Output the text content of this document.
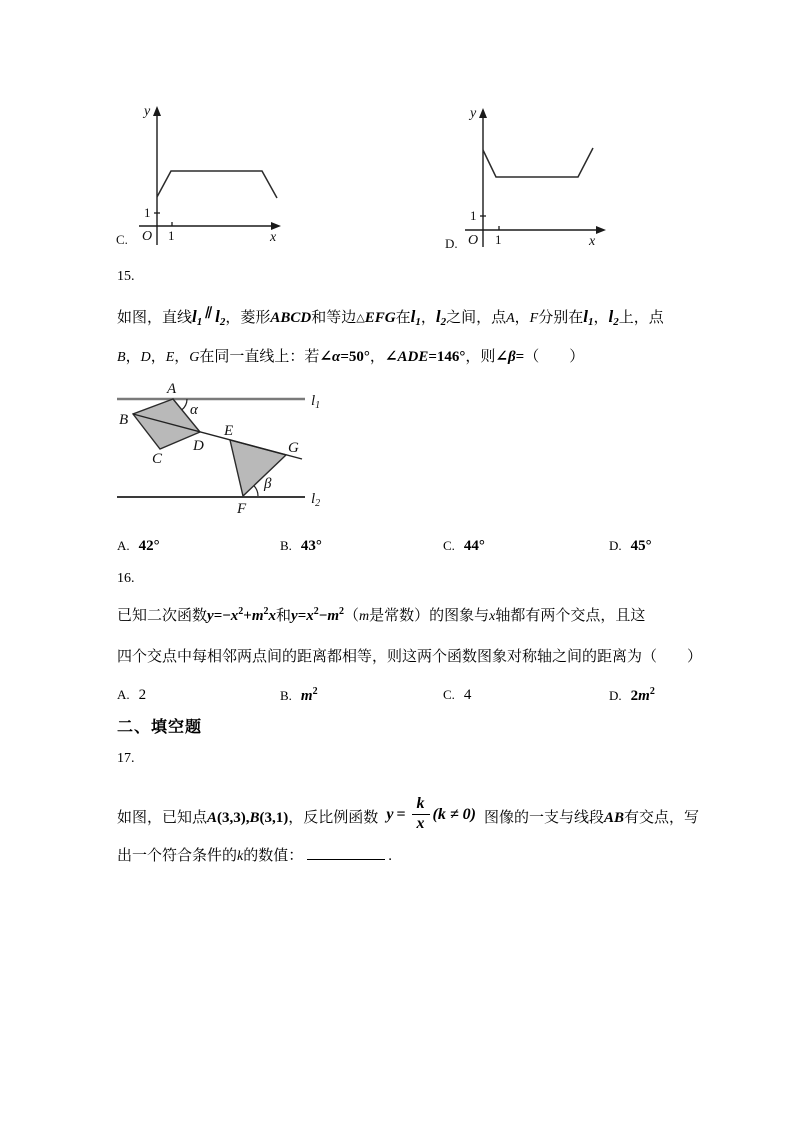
1
1
O	x
y
C.
1
1
O	x
y
D.
15.
如图，直线$l_1\parallel l_2$，菱形ABCD和等边△EFG在$l_1$，$l_2$之间，点A，F分别在$l_1$，$l_2$上，点
B，D，E，G在同一直线上：若∠α=50°，∠ADE=146°，则∠β=（　　）
A
B
C
D
E
F
G
α
β
$l_1$
$l_2$
A. 42°	B. 43°	C. 44°	D. 45°
16.
已知二次函数$y=-x^2+m^2x$和$y=x^2-m^2(m$是常数）的图象与x轴都有两个交点，且这
四个交点中每相邻两点间的距离都相等，则这两个函数图象对称轴之间的距离为（　　）
A. 2	B. $m^2$	C. 4	D. $2m^2$
二、填空题
17.
如图，已知点A(3,3),B(3,1)，反比例函数 $y = \frac{k}{x} (k \ne 0)$ 图像的一支与线段AB有交点，写
出一个符合条件的k的数值：	.
